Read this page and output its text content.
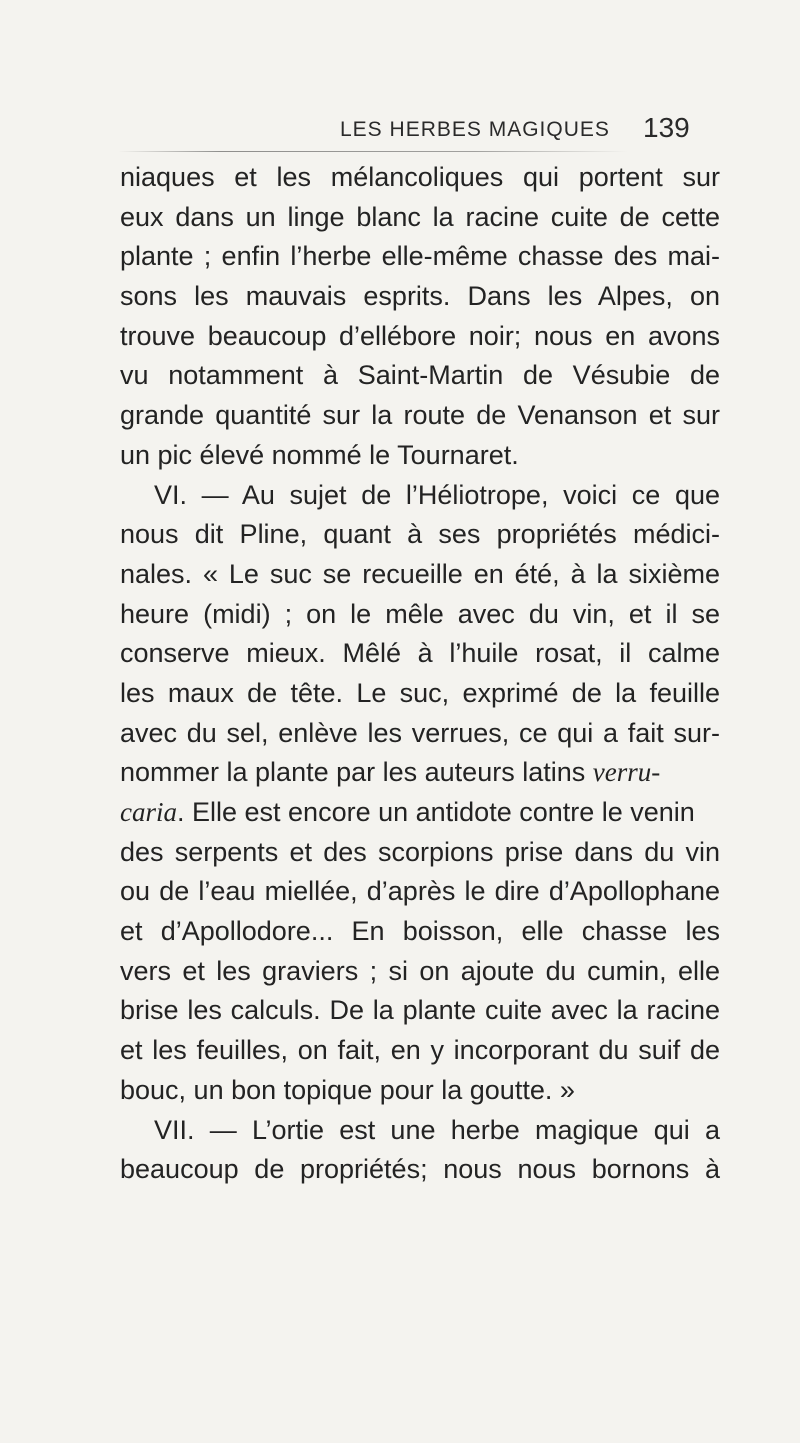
LES HERBES MAGIQUES 139
niaques et les mélancoliques qui portent sur
eux dans un linge blanc la racine cuite de cette
plante ; enfin l’herbe elle-même chasse des mai-
sons les mauvais esprits. Dans les Alpes, on
trouve beaucoup d’ellébore noir; nous en avons
vu notamment à Saint-Martin de Vésubie de
grande quantité sur la route de Venanson et sur
un pic élevé nommé le Tournaret.
VI. — Au sujet de l’Héliotrope, voici ce que
nous dit Pline, quant à ses propriétés médici-
nales. « Le suc se recueille en été, à la sixième
heure (midi) ; on le mêle avec du vin, et il se
conserve mieux. Mêlé à l’huile rosat, il calme
les maux de tête. Le suc, exprimé de la feuille
avec du sel, enlève les verrues, ce qui a fait sur-
nommer la plante par les auteurs latins verru-
caria. Elle est encore un antidote contre le venin
des serpents et des scorpions prise dans du vin
ou de l’eau miellée, d’après le dire d’Apollophane
et d’Apollodore... En boisson, elle chasse les
vers et les graviers ; si on ajoute du cumin, elle
brise les calculs. De la plante cuite avec la racine
et les feuilles, on fait, en y incorporant du suif de
bouc, un bon topique pour la goutte. »
VII. — L’ortie est une herbe magique qui a
beaucoup de propriétés; nous nous bornons à
